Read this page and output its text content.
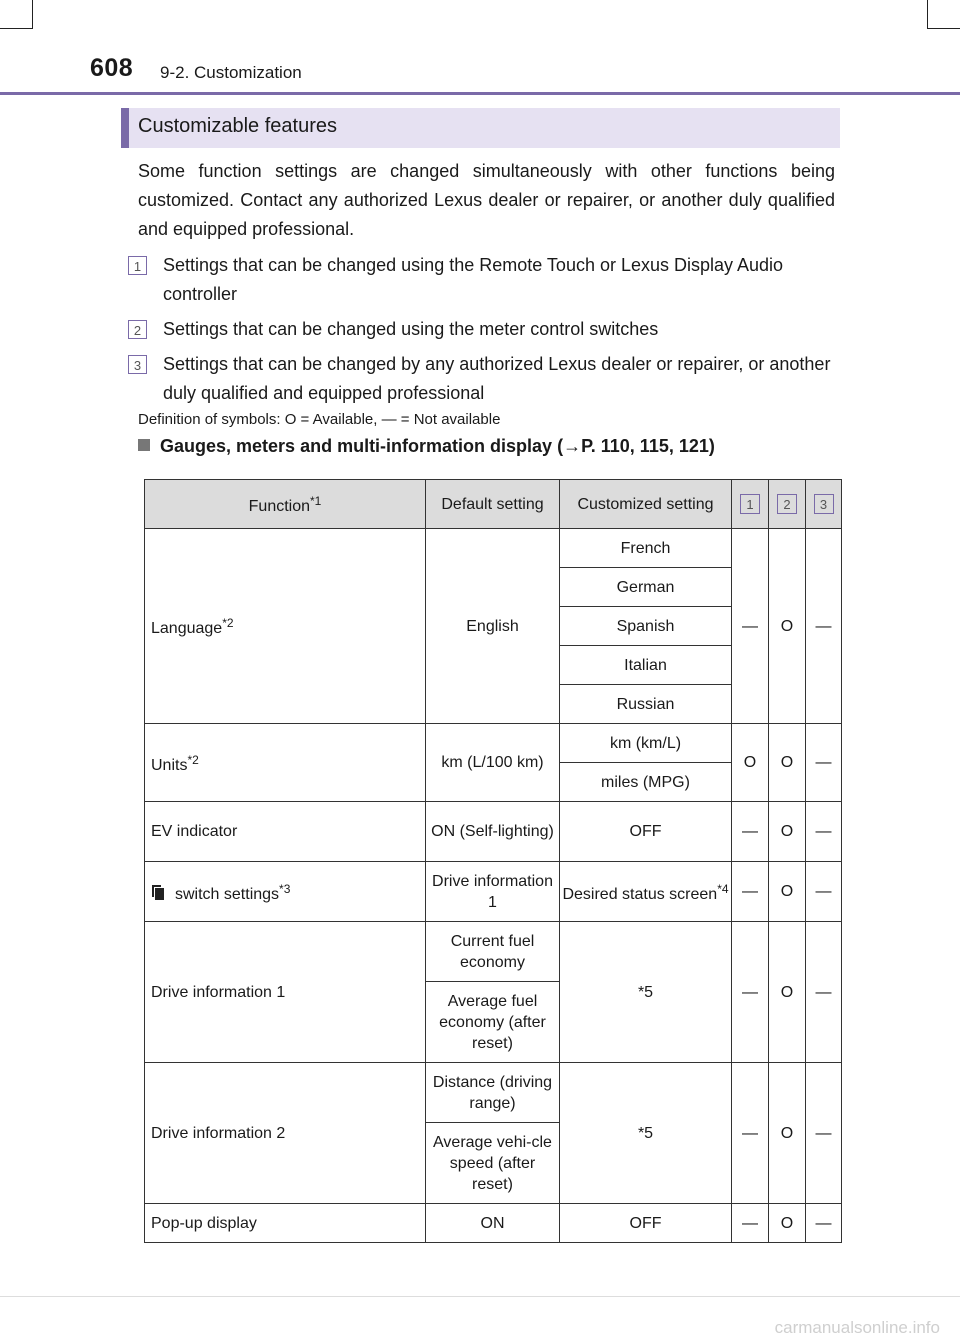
608 9-2. Customization
Customizable features
Some function settings are changed simultaneously with other functions being customized. Contact any authorized Lexus dealer or repairer, or another duly qualified and equipped professional.
1	Settings that can be changed using the Remote Touch or Lexus Display Audio controller
2	Settings that can be changed using the meter control switches
3	Settings that can be changed by any authorized Lexus dealer or repairer, or another duly qualified and equipped professional
Definition of symbols: O = Available, — = Not available
Gauges, meters and multi-information display (→P. 110, 115, 121)
Function$^{*1}$	Default setting	Customized setting	1	2	3
Language$^{*2}$	English	French	—	O	—
		German			
		Spanish			
		Italian			
		Russian			
Units$^{*2}$	km (L/100 km)	km (km/L)	O	O	—
		miles (MPG)			
EV indicator	ON (Self-lighting)	OFF	—	O	—

switch settings$^{*3}$	Drive information 1	Desired status screen$^{*4}$	—	O	—
Drive information 1	Current fuel economy	*5	—	O	—
	Average fuel economy (after reset)				
Drive information 2	Distance (driving range)	*5	—	O	—
	Average vehi-cle speed (after reset)				
Pop-up display	ON	OFF	—	O	—
carmanualsonline.info
